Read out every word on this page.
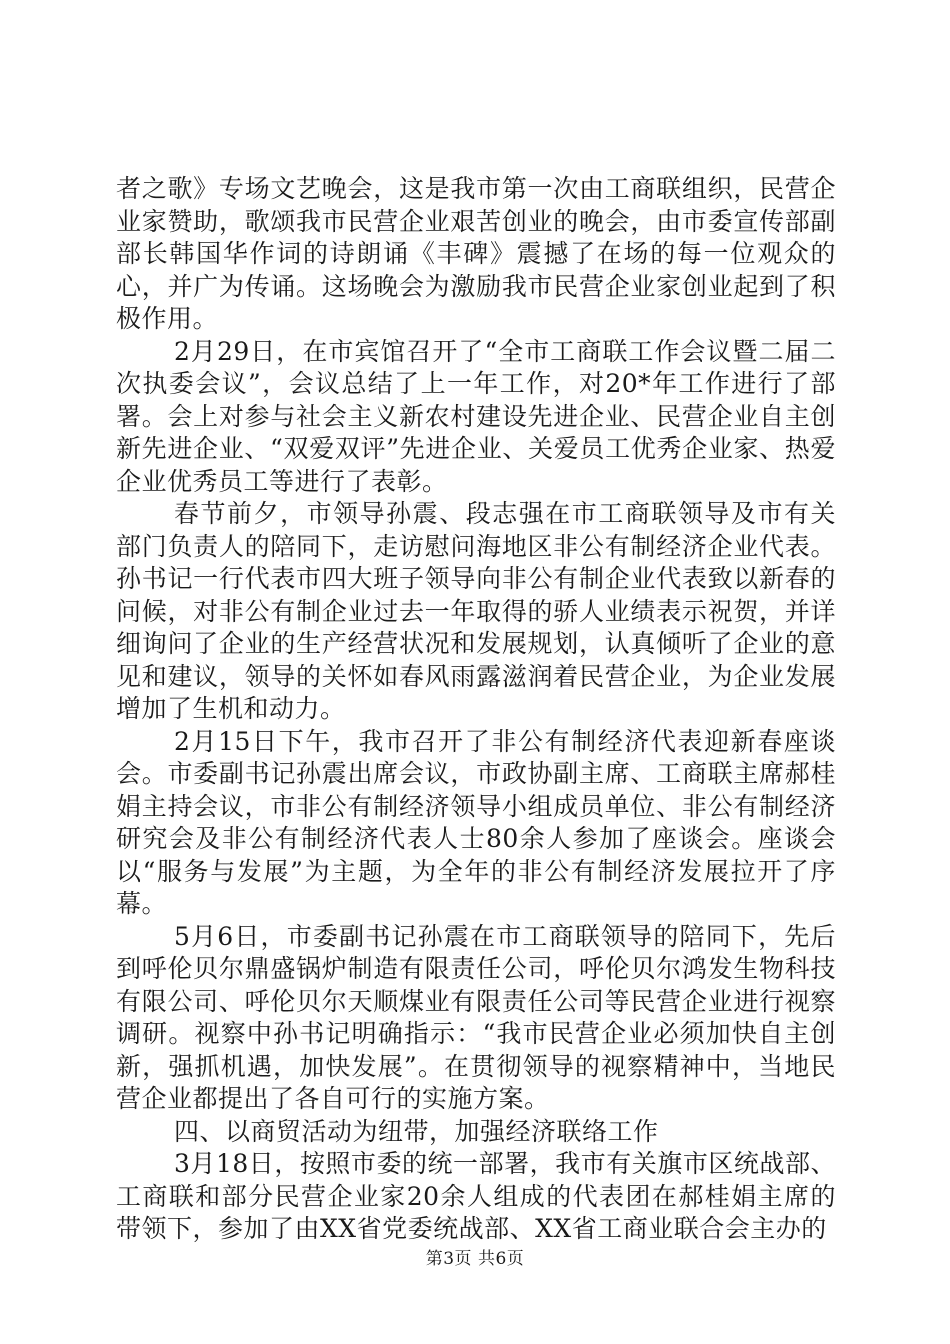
者之歌》专场文艺晚会，这是我市第一次由工商联组织，民营企业家赞助，歌颂我市民营企业艰苦创业的晚会，由市委宣传部副部长韩国华作词的诗朗诵《丰碑》震撼了在场的每一位观众的心，并广为传诵。这场晚会为激励我市民营企业家创业起到了积极作用。

2月29日，在市宾馆召开了“全市工商联工作会议暨二届二次执委会议”，会议总结了上一年工作，对20*年工作进行了部署。会上对参与社会主义新农村建设先进企业、民营企业自主创新先进企业、“双爱双评”先进企业、关爱员工优秀企业家、热爱企业优秀员工等进行了表彰。

春节前夕，市领导孙震、段志强在市工商联领导及市有关部门负责人的陪同下，走访慰问海地区非公有制经济企业代表。孙书记一行代表市四大班子领导向非公有制企业代表致以新春的问候，对非公有制企业过去一年取得的骄人业绩表示祝贺，并详细询问了企业的生产经营状况和发展规划，认真倾听了企业的意见和建议，领导的关怀如春风雨露滋润着民营企业，为企业发展增加了生机和动力。

2月15日下午，我市召开了非公有制经济代表迎新春座谈会。市委副书记孙震出席会议，市政协副主席、工商联主席郝桂娟主持会议，市非公有制经济领导小组成员单位、非公有制经济研究会及非公有制经济代表人士80余人参加了座谈会。座谈会以“服务与发展”为主题，为全年的非公有制经济发展拉开了序幕。

5月6日，市委副书记孙震在市工商联领导的陪同下，先后到呼伦贝尔鼎盛锅炉制造有限责任公司，呼伦贝尔鸿发生物科技有限公司、呼伦贝尔天顺煤业有限责任公司等民营企业进行视察调研。视察中孙书记明确指示：“我市民营企业必须加快自主创新，强抓机遇，加快发展”。在贯彻领导的视察精神中，当地民营企业都提出了各自可行的实施方案。

四、以商贸活动为纽带，加强经济联络工作

3月18日，按照市委的统一部署，我市有关旗市区统战部、工商联和部分民营企业家20余人组成的代表团在郝桂娟主席的带领下，参加了由XX省党委统战部、XX省工商业联合会主办的

第3页 共6页
